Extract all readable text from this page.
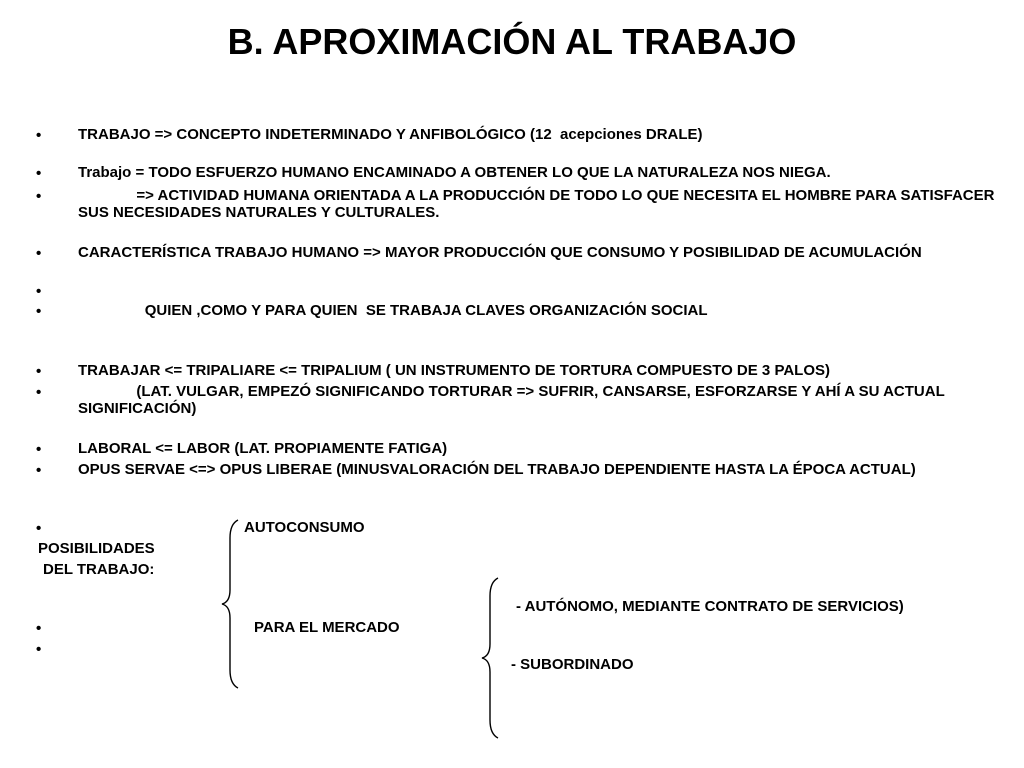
B. APROXIMACIÓN AL TRABAJO
• TRABAJO => CONCEPTO INDETERMINADO Y ANFIBOLÓGICO (12  acepciones DRALE)
• Trabajo = TODO ESFUERZO HUMANO ENCAMINADO A OBTENER LO QUE LA NATURALEZA NOS NIEGA.
• => ACTIVIDAD HUMANA ORIENTADA A LA PRODUCCIÓN DE TODO LO QUE NECESITA EL HOMBRE PARA SATISFACER SUS NECESIDADES NATURALES Y CULTURALES.
• CARACTERÍSTICA TRABAJO HUMANO => MAYOR PRODUCCIÓN QUE CONSUMO Y POSIBILIDAD DE ACUMULACIÓN
•
• QUIEN ,COMO Y PARA QUIEN  SE TRABAJA CLAVES ORGANIZACIÓN SOCIAL
• TRABAJAR <= TRIPALIARE <= TRIPALIUM ( UN INSTRUMENTO DE TORTURA COMPUESTO DE 3 PALOS)
• (LAT. VULGAR, EMPEZÓ SIGNIFICANDO TORTURAR => SUFRIR, CANSARSE, ESFORZARSE Y AHÍ A SU ACTUAL SIGNIFICACIÓN)
• LABORAL <= LABOR (LAT. PROPIAMENTE FATIGA)
• OPUS SERVAE <=> OPUS LIBERAE (MINUSVALORACIÓN DEL TRABAJO DEPENDIENTE HASTA LA ÉPOCA ACTUAL)
•	AUTOCONSUMO
POSIBILIDADES
DEL TRABAJO:
- AUTÓNOMO, MEDIANTE CONTRATO DE SERVICIOS)
•	PARA EL MERCADO
•
- SUBORDINADO
